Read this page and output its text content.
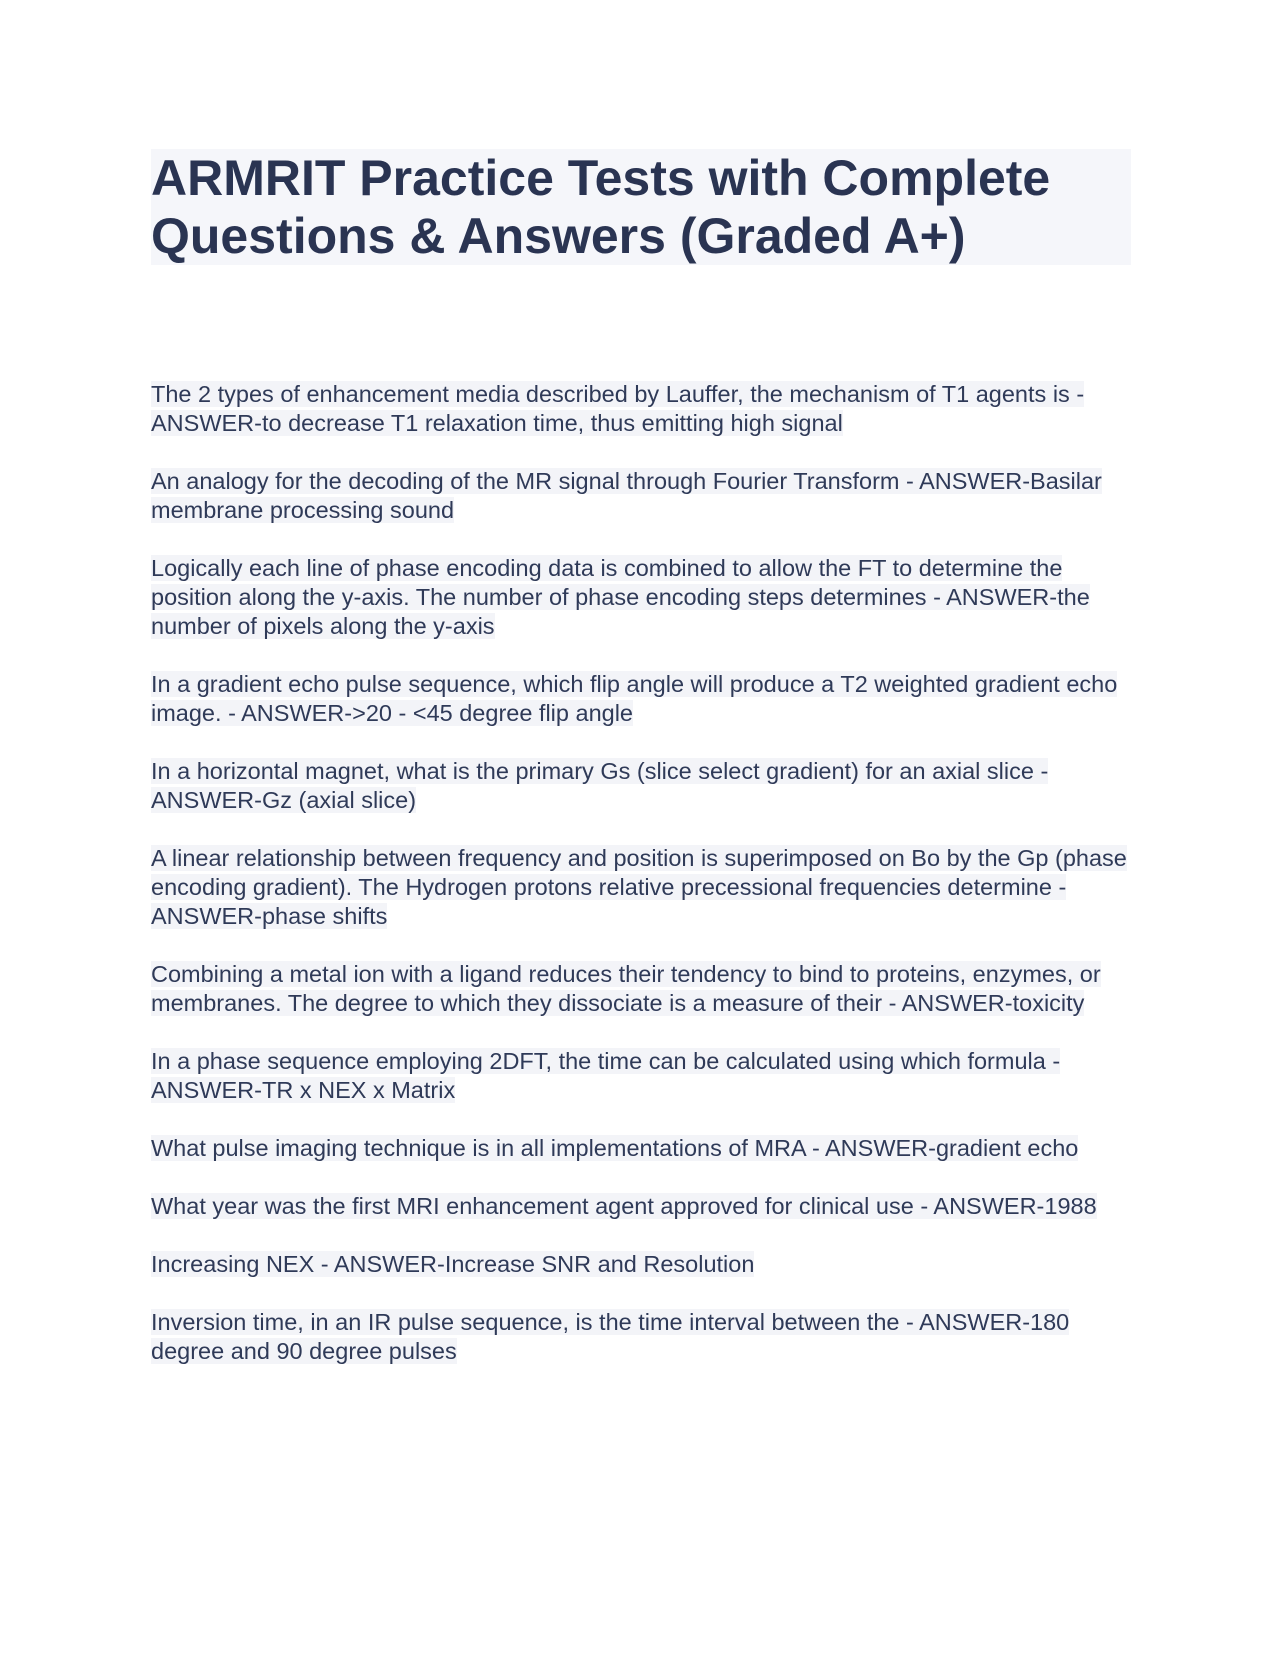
ARMRIT Practice Tests with Complete Questions & Answers (Graded A+)
The 2 types of enhancement media described by Lauffer, the mechanism of T1 agents is - ANSWER-to decrease T1 relaxation time, thus emitting high signal
An analogy for the decoding of the MR signal through Fourier Transform - ANSWER-Basilar membrane processing sound
Logically each line of phase encoding data is combined to allow the FT to determine the position along the y-axis. The number of phase encoding steps determines - ANSWER-the number of pixels along the y-axis
In a gradient echo pulse sequence, which flip angle will produce a T2 weighted gradient echo image. - ANSWER->20 - <45 degree flip angle
In a horizontal magnet, what is the primary Gs (slice select gradient) for an axial slice - ANSWER-Gz (axial slice)
A linear relationship between frequency and position is superimposed on Bo by the Gp (phase encoding gradient). The Hydrogen protons relative precessional frequencies determine - ANSWER-phase shifts
Combining a metal ion with a ligand reduces their tendency to bind to proteins, enzymes, or membranes. The degree to which they dissociate is a measure of their - ANSWER-toxicity
In a phase sequence employing 2DFT, the time can be calculated using which formula - ANSWER-TR x NEX x Matrix
What pulse imaging technique is in all implementations of MRA - ANSWER-gradient echo
What year was the first MRI enhancement agent approved for clinical use - ANSWER-1988
Increasing NEX - ANSWER-Increase SNR and Resolution
Inversion time, in an IR pulse sequence, is the time interval between the - ANSWER-180 degree and 90 degree pulses
